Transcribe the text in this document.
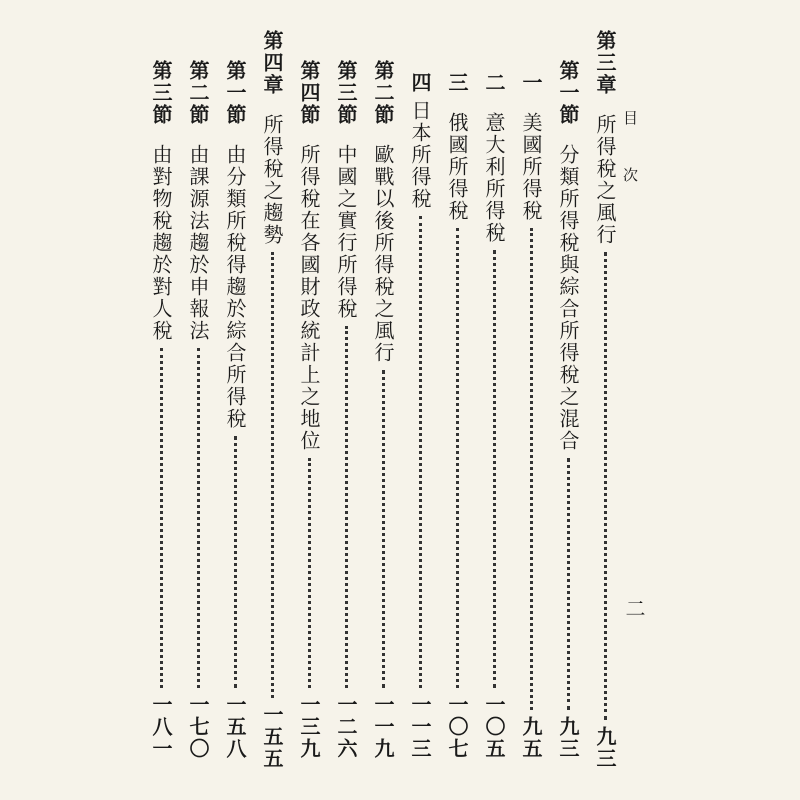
目 次
二
第三章
所得稅之風行
九三
第一節
分類所得稅與綜合所得稅之混合
九三
一
美國所得稅
九五
二
意大利所得稅
一〇五
三
俄國所得稅
一〇七
四
日本所得稅
一一三
第二節
歐戰以後所得稅之風行
一一九
第三節
中國之實行所得稅
一二六
第四節
所得稅在各國財政統計上之地位
一三九
第四章
所得稅之趨勢
一五五
第一節
由分類所稅得趨於綜合所得稅
一五八
第二節
由課源法趨於申報法
一七〇
第三節
由對物稅趨於對人稅
一八一
